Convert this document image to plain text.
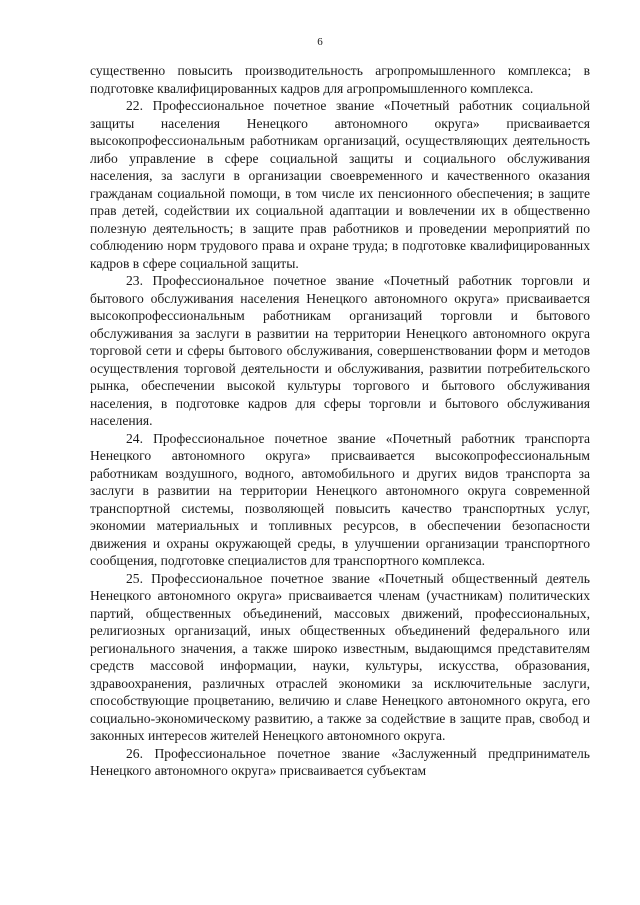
6

существенно повысить производительность агропромышленного комплекса; в подготовке квалифицированных кадров для агропромышленного комплекса.

22. Профессиональное почетное звание «Почетный работник социальной защиты населения Ненецкого автономного округа» присваивается высокопрофессиональным работникам организаций, осуществляющих деятельность либо управление в сфере социальной защиты и социального обслуживания населения, за заслуги в организации своевременного и качественного оказания гражданам социальной помощи, в том числе их пенсионного обеспечения; в защите прав детей, содействии их социальной адаптации и вовлечении их в общественно полезную деятельность; в защите прав работников и проведении мероприятий по соблюдению норм трудового права и охране труда; в подготовке квалифицированных кадров в сфере социальной защиты.

23. Профессиональное почетное звание «Почетный работник торговли и бытового обслуживания населения Ненецкого автономного округа» присваивается высокопрофессиональным работникам организаций торговли и бытового обслуживания за заслуги в развитии на территории Ненецкого автономного округа торговой сети и сферы бытового обслуживания, совершенствовании форм и методов осуществления торговой деятельности и обслуживания, развитии потребительского рынка, обеспечении высокой культуры торгового и бытового обслуживания населения, в подготовке кадров для сферы торговли и бытового обслуживания населения.

24. Профессиональное почетное звание «Почетный работник транспорта Ненецкого автономного округа» присваивается высокопрофессиональным работникам воздушного, водного, автомобильного и других видов транспорта за заслуги в развитии на территории Ненецкого автономного округа современной транспортной системы, позволяющей повысить качество транспортных услуг, экономии материальных и топливных ресурсов, в обеспечении безопасности движения и охраны окружающей среды, в улучшении организации транспортного сообщения, подготовке специалистов для транспортного комплекса.

25. Профессиональное почетное звание «Почетный общественный деятель Ненецкого автономного округа» присваивается членам (участникам) политических партий, общественных объединений, массовых движений, профессиональных, религиозных организаций, иных общественных объединений федерального или регионального значения, а также широко известным, выдающимся представителям средств массовой информации, науки, культуры, искусства, образования, здравоохранения, различных отраслей экономики за исключительные заслуги, способствующие процветанию, величию и славе Ненецкого автономного округа, его социально-экономическому развитию, а также за содействие в защите прав, свобод и законных интересов жителей Ненецкого автономного округа.

26. Профессиональное почетное звание «Заслуженный предприниматель Ненецкого автономного округа» присваивается субъектам
